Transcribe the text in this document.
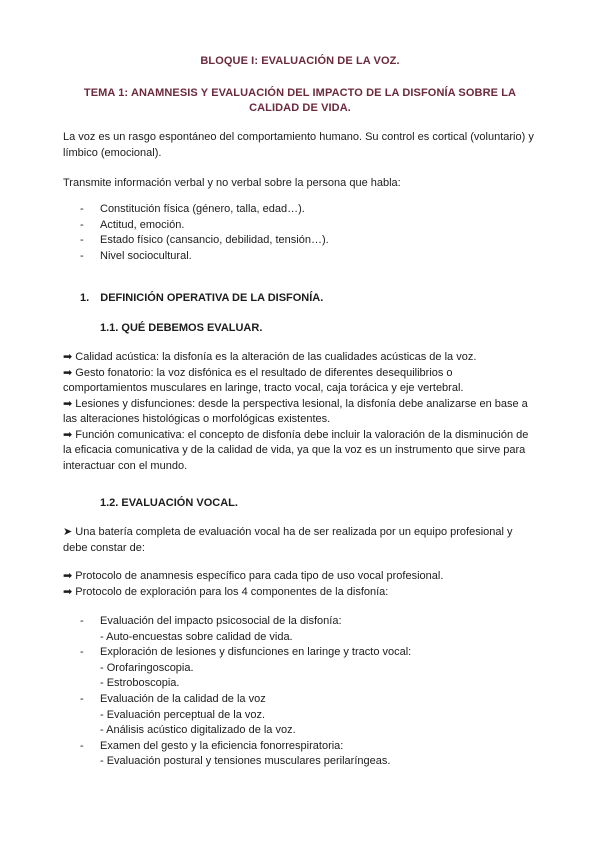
BLOQUE I: EVALUACIÓN DE LA VOZ.
TEMA 1: ANAMNESIS Y EVALUACIÓN DEL IMPACTO DE LA DISFONÍA SOBRE LA
CALIDAD DE VIDA.
La voz es un rasgo espontáneo del comportamiento humano. Su control es cortical (voluntario) y
límbico (emocional).
Transmite información verbal y no verbal sobre la persona que habla:
- Constitución física (género, talla, edad…).
- Actitud, emoción.
- Estado físico (cansancio, debilidad, tensión…).
- Nivel sociocultural.
1. DEFINICIÓN OPERATIVA DE LA DISFONÍA.
1.1. QUÉ DEBEMOS EVALUAR.
➡ Calidad acústica: la disfonía es la alteración de las cualidades acústicas de la voz.
➡ Gesto fonatorio: la voz disfónica es el resultado de diferentes desequilibrios o
comportamientos musculares en laringe, tracto vocal, caja torácica y eje vertebral.
➡ Lesiones y disfunciones: desde la perspectiva lesional, la disfonía debe analizarse en base a
las alteraciones histológicas o morfológicas existentes.
➡ Función comunicativa: el concepto de disfonía debe incluir la valoración de la disminución de
la eficacia comunicativa y de la calidad de vida, ya que la voz es un instrumento que sirve para
interactuar con el mundo.
1.2. EVALUACIÓN VOCAL.
➤ Una batería completa de evaluación vocal ha de ser realizada por un equipo profesional y
debe constar de:
➡ Protocolo de anamnesis específico para cada tipo de uso vocal profesional.
➡ Protocolo de exploración para los 4 componentes de la disfonía:
- Evaluación del impacto psicosocial de la disfonía:
- Auto-encuestas sobre calidad de vida.
- Exploración de lesiones y disfunciones en laringe y tracto vocal:
- Orofaringoscopia.
- Estroboscopia.
- Evaluación de la calidad de la voz
- Evaluación perceptual de la voz.
- Análisis acústico digitalizado de la voz.
- Examen del gesto y la eficiencia fonorrespiratoria:
- Evaluación postural y tensiones musculares perilaríngeas.
